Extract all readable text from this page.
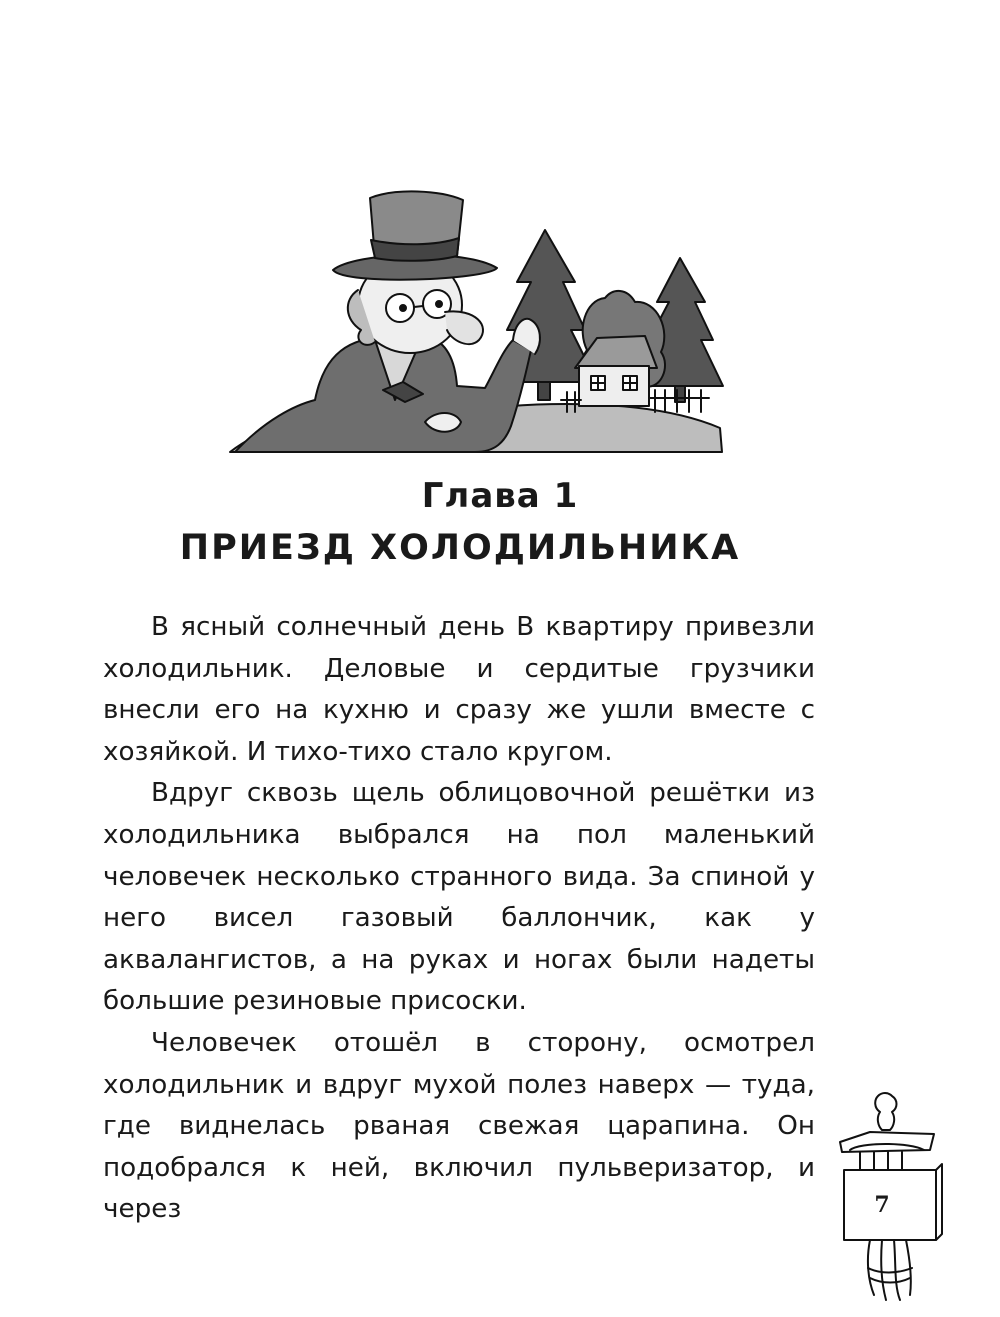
Глава 1
ПРИЕЗД ХОЛОДИЛЬНИКА

В ясный солнечный день В квартиру привезли холодильник. Деловые и сердитые грузчики внесли его на кухню и сразу же ушли вместе с хозяйкой. И тихо-тихо стало кругом.

Вдруг сквозь щель облицовочной решётки из холодильника выбрался на пол маленький человечек несколько странного вида. За спиной у него висел газовый баллончик, как у аквалангистов, а на руках и ногах были надеты большие резиновые присоски.

Человечек отошёл в сторону, осмотрел холодильник и вдруг мухой полез наверх — туда, где виднелась рваная свежая царапина. Он подобрался к ней, включил пульверизатор, и через	7
